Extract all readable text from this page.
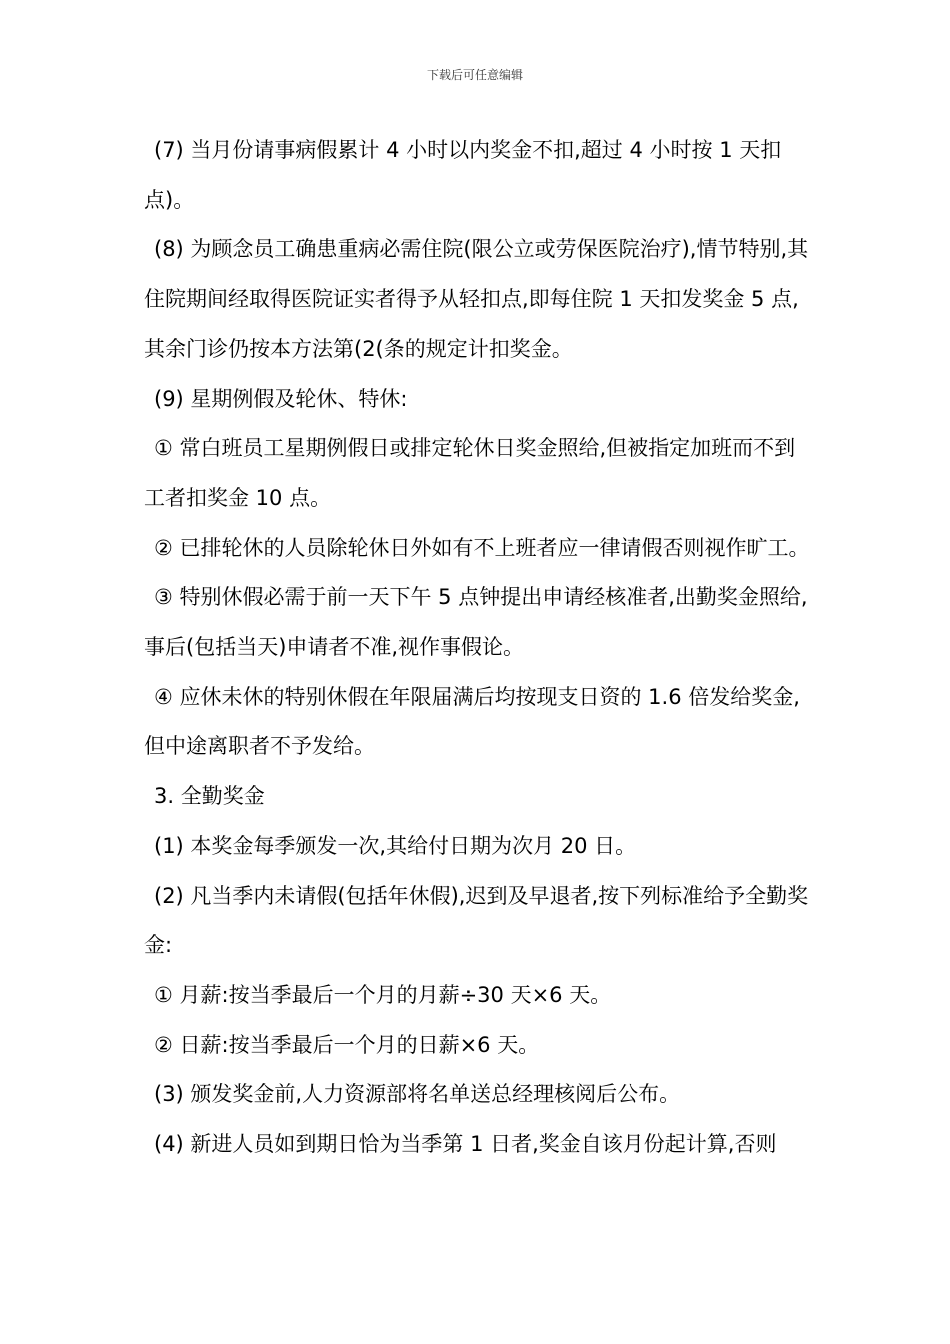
下载后可任意编辑

(7) 当月份请事病假累计 4 小时以内奖金不扣,超过 4 小时按 1 天扣点)。

(8) 为顾念员工确患重病必需住院(限公立或劳保医院治疗),情节特别,其住院期间经取得医院证实者得予从轻扣点,即每住院 1 天扣发奖金 5 点,其余门诊仍按本方法第(2(条的规定计扣奖金。

(9) 星期例假及轮休、特休:

① 常白班员工星期例假日或排定轮休日奖金照给,但被指定加班而不到工者扣奖金 10 点。

② 已排轮休的人员除轮休日外如有不上班者应一律请假否则视作旷工。

③ 特别休假必需于前一天下午 5 点钟提出申请经核准者,出勤奖金照给,事后(包括当天)申请者不准,视作事假论。

④ 应休未休的特别休假在年限届满后均按现支日资的 1.6 倍发给奖金,但中途离职者不予发给。

3. 全勤奖金

(1) 本奖金每季颁发一次,其给付日期为次月 20 日。

(2) 凡当季内未请假(包括年休假),迟到及早退者,按下列标准给予全勤奖金:

① 月薪:按当季最后一个月的月薪÷30 天×6 天。

② 日薪:按当季最后一个月的日薪×6 天。

(3) 颁发奖金前,人力资源部将名单送总经理核阅后公布。

(4) 新进人员如到期日恰为当季第 1 日者,奖金自该月份起计算,否则
